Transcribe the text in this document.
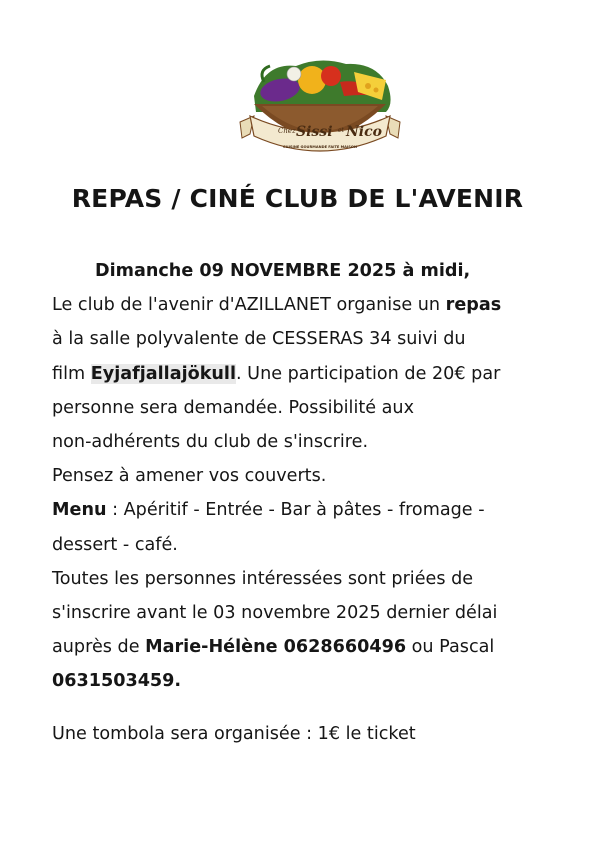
Chez Sissi et Nico
CUISINE GOURMANDE FAITE MAISON
REPAS / CINÉ CLUB DE L'AVENIR
Dimanche 09 NOVEMBRE 2025 à midi,
Le club de l'avenir d'AZILLANET organise un repas
à la salle polyvalente de CESSERAS 34 suivi du
film Eyjafjallajökull. Une participation de 20€ par
personne sera demandée. Possibilité aux
non-adhérents du club de s'inscrire.
Pensez à amener vos couverts.
Menu : Apéritif - Entrée - Bar à pâtes - fromage -
dessert - café.
Toutes les personnes intéressées sont priées de
s'inscrire avant le 03 novembre 2025 dernier délai
auprès de Marie-Hélène 0628660496 ou Pascal
0631503459.
Une tombola sera organisée : 1€ le ticket
